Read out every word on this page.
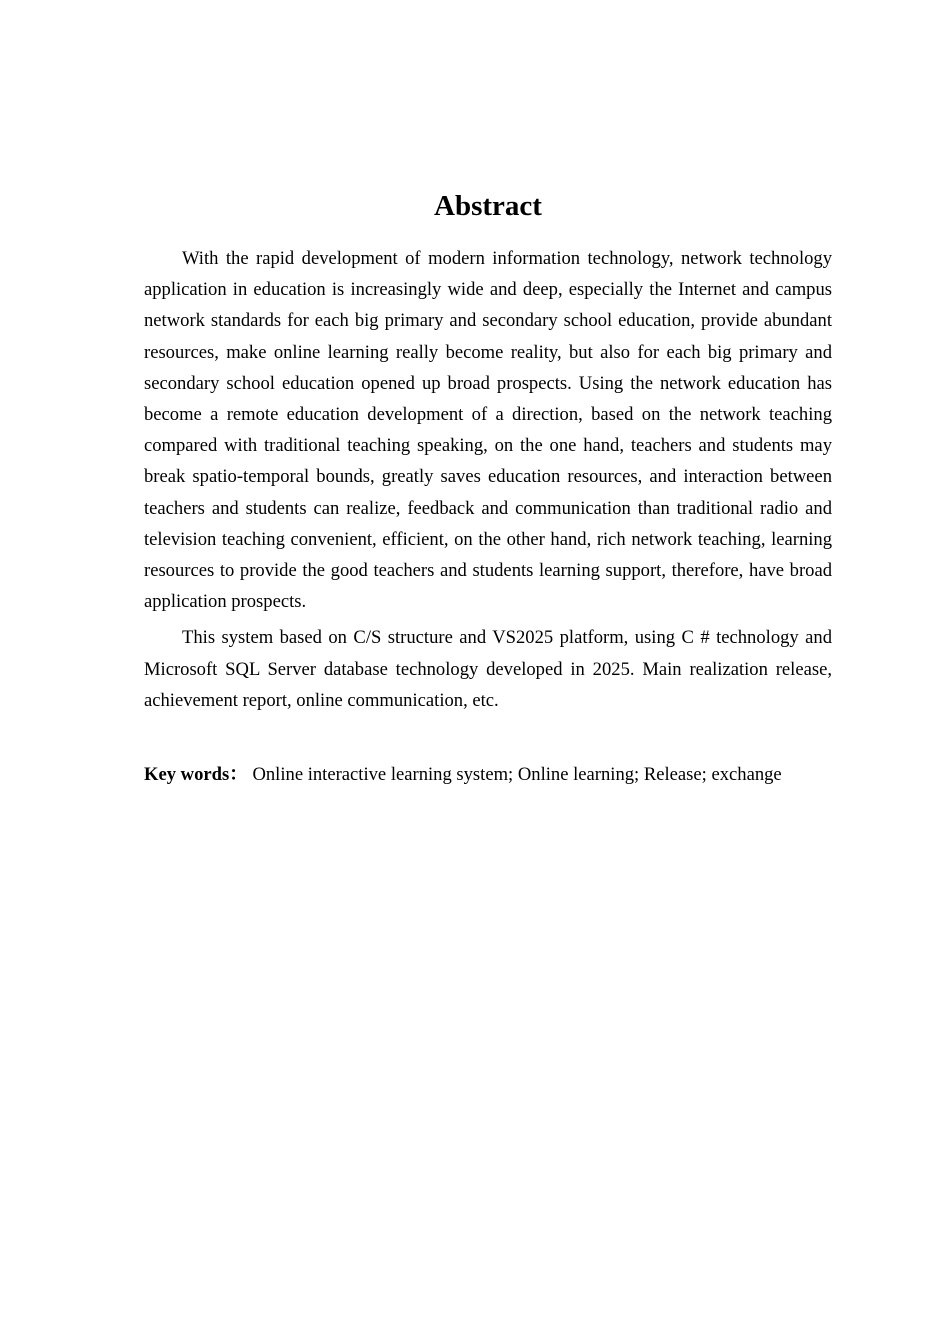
Abstract

With the rapid development of modern information technology, network technology application in education is increasingly wide and deep, especially the Internet and campus network standards for each big primary and secondary school education, provide abundant resources, make online learning really become reality, but also for each big primary and secondary school education opened up broad prospects. Using the network education has become a remote education development of a direction, based on the network teaching compared with traditional teaching speaking, on the one hand, teachers and students may break spatio-temporal bounds, greatly saves education resources, and interaction between teachers and students can realize, feedback and communication than traditional radio and television teaching convenient, efficient, on the other hand, rich network teaching, learning resources to provide the good teachers and students learning support, therefore, have broad application prospects.

This system based on C/S structure and VS2025 platform, using C # technology and Microsoft SQL Server database technology developed in 2025. Main realization release, achievement report, online communication, etc.

Key words： Online interactive learning system; Online learning; Release; exchange
